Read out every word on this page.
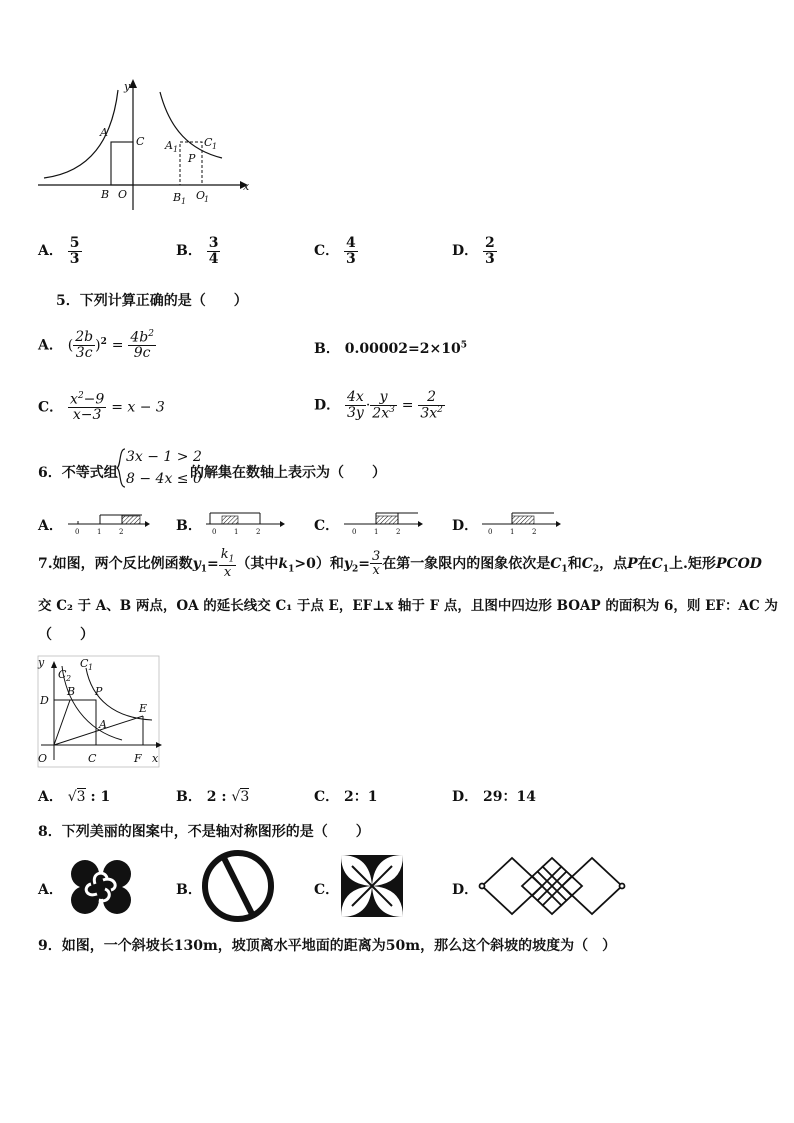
y
x
A
C
B O
A 1
C 1
P
B 1 O
1
A． $\frac{5}{3}$	B． $\frac{3}{4}$	C． $\frac{4}{3}$	D． $\frac{2}{3}$
5．下列计算正确的是（　　）
A． ( $\frac{2b}{3c} )^2 = \frac{4b^2}{9c}$	B． $0.00002=2\times 10^5$
C． $\frac{x^2-9}{x-3} = x - 3$	D． $\frac{4x}{3y} \cdot \frac{y}{2x^3} = \frac{2}{3x^2}$
6．不等式组
3x − 1 > 2
8 − 4x ≤ 0
的解集在数轴上表示为（　　）
A．	B．	C．	D．
0	1	2	0	1	2	0	1	2	0	1	2
7.如图，两个反比例函数$y_1= \frac{k_1}{x}$ （其中$k_1>0$）和$y_2= \frac{3}{x}$ 在第一象限内的图象依次是$C_1$和$C_2$，点P在$C_1$上.矩形PCOD
交 C₂ 于 A、B 两点，OA 的延长线交 C₁ 于点 E，EF⊥x 轴于 F 点，且图中四边形 BOAP 的面积为 6，则 EF：AC 为
（　　）
y
C 2
C 1
D
B P
E
A
O	C	F x
A． √3 : 1	B． 2 : √3	C． 2：1	D． 29：14
8．下列美丽的图案中，不是轴对称图形的是（　　）
A．	B．	C．	D．
9．如图，一个斜坡长130m，坡顶离水平地面的距离为50m，那么这个斜坡的坡度为（　）
